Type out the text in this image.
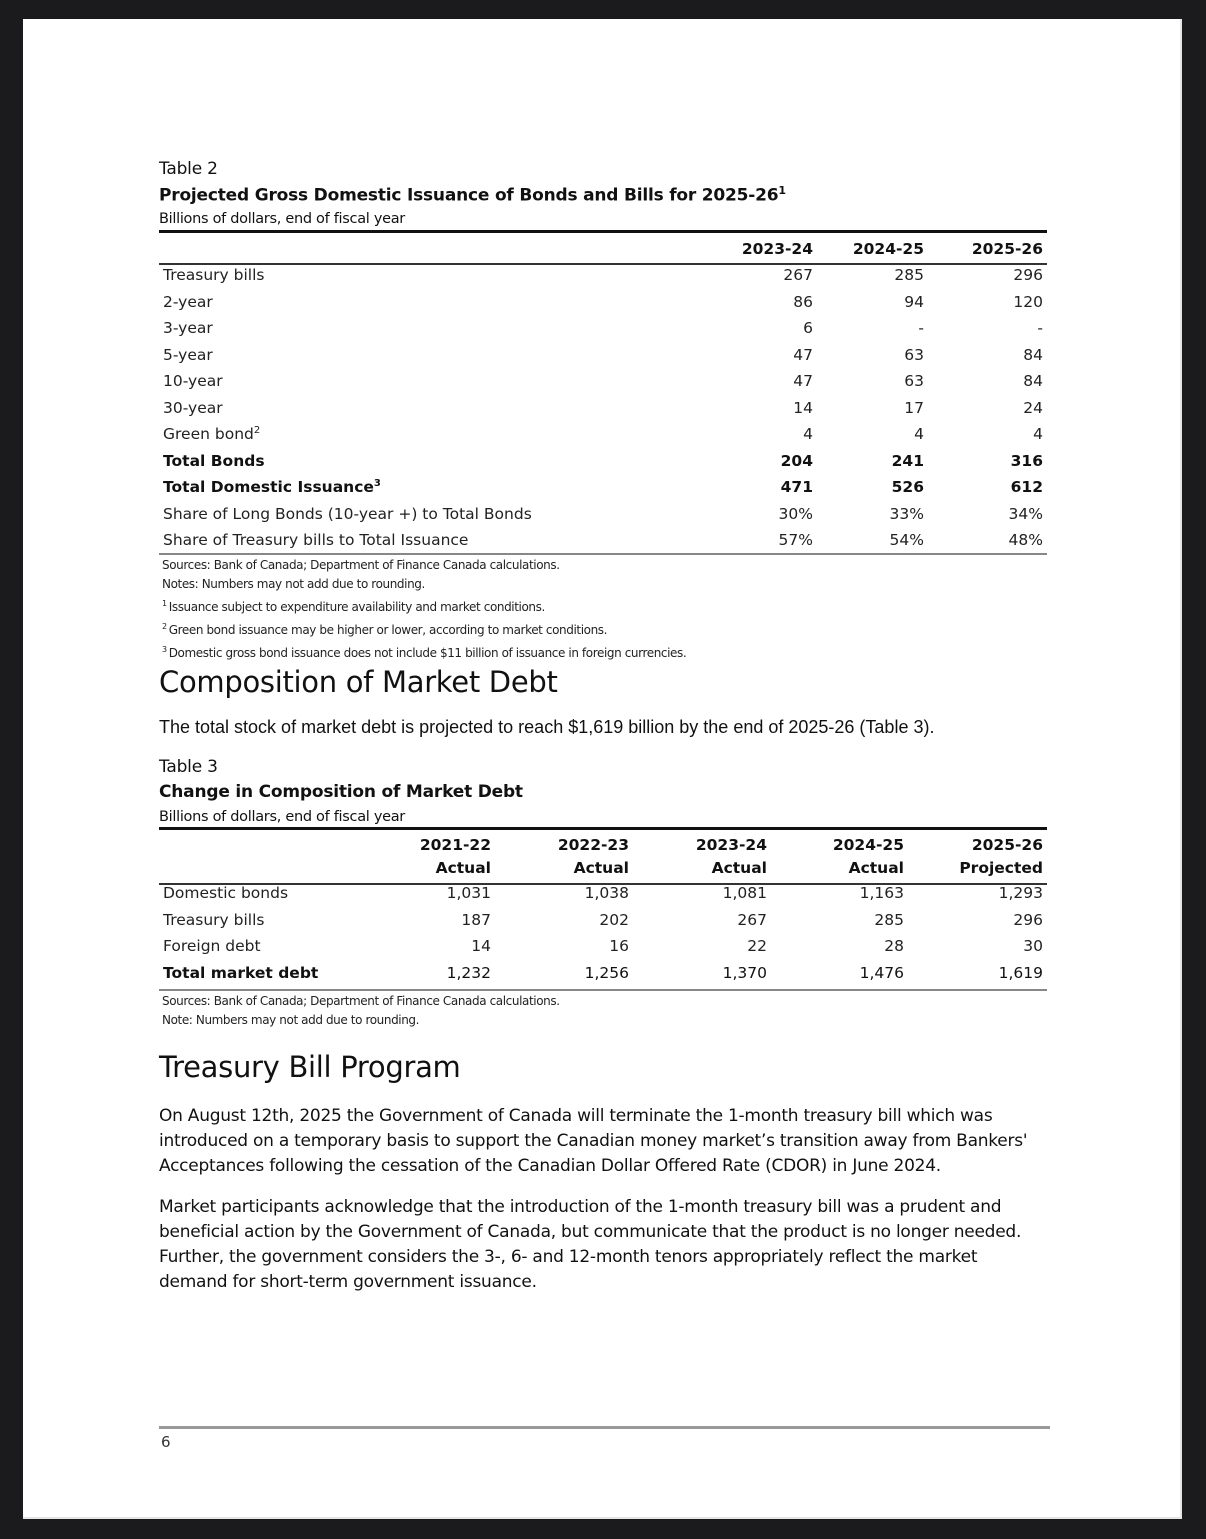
Table 2
Projected Gross Domestic Issuance of Bonds and Bills for $2025-26^1$
Billions of dollars, end of fiscal year
	2023-24	2024-25	2025-26
Treasury bills	267	285	296
2-year	86	94	120
3-year	6	-	-
5-year	47	63	84
10-year	47	63	84
30-year	14	17	24
Green bond$^2$	4	4	4
Total Bonds	204	241	316
Total Domestic Issuance$^3$	471	526	612
Share of Long Bonds (10-year +) to Total Bonds	30%	33%	34%
Share of Treasury bills to Total Issuance	57%	54%	48%
Sources: Bank of Canada; Department of Finance Canada calculations.
Notes: Numbers may not add due to rounding.
$^1$ Issuance subject to expenditure availability and market conditions.
$^2$ Green bond issuance may be higher or lower, according to market conditions.
$^3$ Domestic gross bond issuance does not include $11 billion of issuance in foreign currencies.
Composition of Market Debt
The total stock of market debt is projected to reach $1,619 billion by the end of 2025-26 (Table 3).
Table 3
Change in Composition of Market Debt
Billions of dollars, end of fiscal year
	2021-22	2022-23	2023-24	2024-25	2025-26
	Actual	Actual	Actual	Actual	Projected
Domestic bonds	1,031	1,038	1,081	1,163	1,293
Treasury bills	187	202	267	285	296
Foreign debt	14	16	22	28	30
Total market debt	1,232	1,256	1,370	1,476	1,619
Sources: Bank of Canada; Department of Finance Canada calculations.
Note: Numbers may not add due to rounding.
Treasury Bill Program

On August 12th, 2025 the Government of Canada will terminate the 1-month treasury bill which was introduced on a temporary basis to support the Canadian money market’s transition away from Bankers' Acceptances following the cessation of the Canadian Dollar Offered Rate (CDOR) in June 2024.

Market participants acknowledge that the introduction of the 1-month treasury bill was a prudent and beneficial action by the Government of Canada, but communicate that the product is no longer needed. Further, the government considers the 3-, 6- and 12-month tenors appropriately reflect the market demand for short-term government issuance.

6
